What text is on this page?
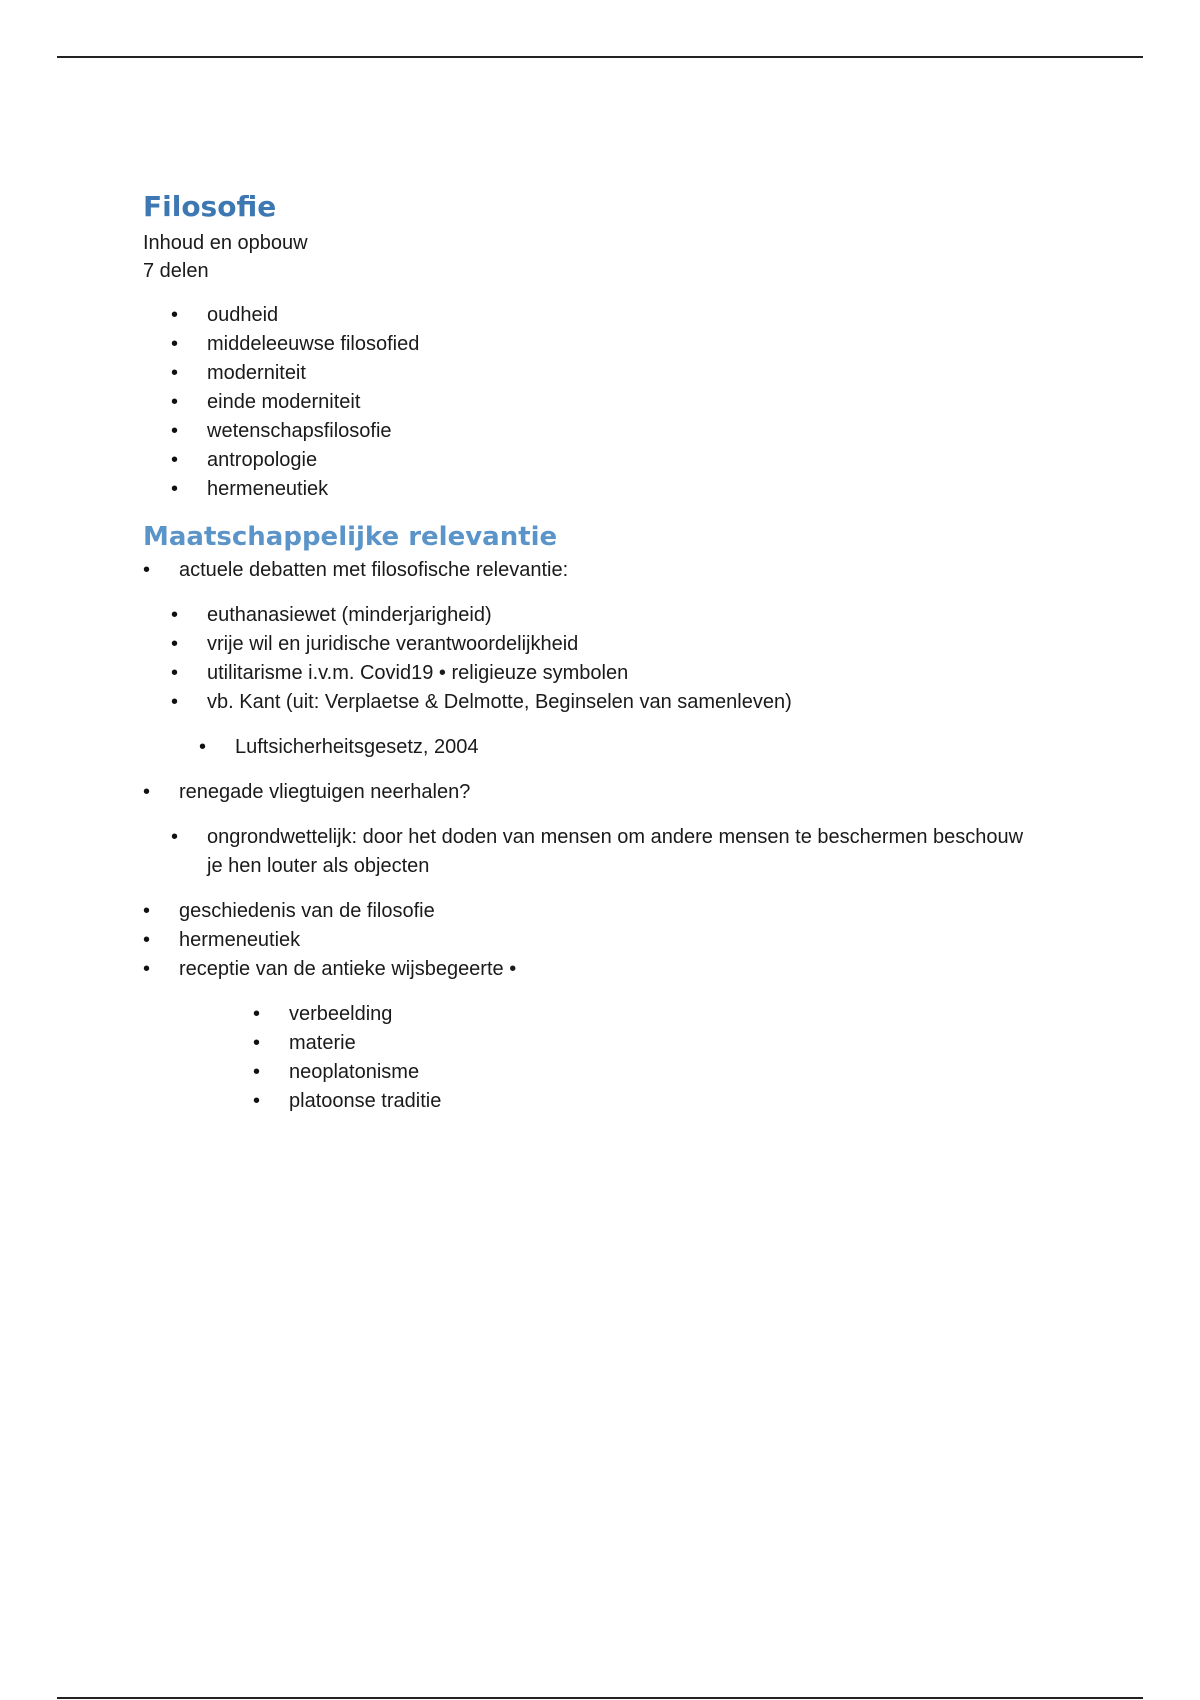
Filosofie

Inhoud en opbouw

7 delen

• oudheid
• middeleeuwse filosofied
• moderniteit
• einde moderniteit
• wetenschapsfilosofie
• antropologie
• hermeneutiek
Maatschappelijke relevantie
• actuele debatten met filosofische relevantie:
• euthanasiewet (minderjarigheid)
• vrije wil en juridische verantwoordelijkheid
• utilitarisme i.v.m. Covid19 • religieuze symbolen
• vb. Kant (uit: Verplaetse & Delmotte, Beginselen van samenleven)
• Luftsicherheitsgesetz, 2004
• renegade vliegtuigen neerhalen?
• ongrondwettelijk: door het doden van mensen om andere mensen te beschermen beschouw je hen louter als objecten
• geschiedenis van de filosofie
• hermeneutiek
• receptie van de antieke wijsbegeerte •
• verbeelding
• materie
• neoplatonisme
• platoonse traditie
